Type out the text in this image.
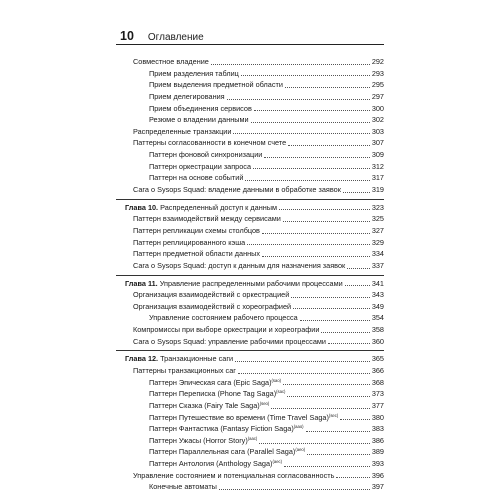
10 Оглавление
Совместное владение	292
Прием разделения таблиц	293
Прием выделения предметной области	295
Прием делегирования	297
Прием объединения сервисов	300
Резюме о владении данными	302
Распределенные транзакции	303
Паттерны согласованности в конечном счете	307
Паттерн фоновой синхронизации	309
Паттерн оркестрации запроса	312
Паттерн на основе событий	317
Сага о Sysops Squad: владение данными в обработке заявок	319
Глава 10. Распределенный доступ к данным	323
Паттерн взаимодействий между сервисами	325
Паттерн репликации схемы столбцов	327
Паттерн реплицированного кэша	329
Паттерн предметной области данных	334
Сага о Sysops Squad: доступ к данным для назначения заявок	337
Глава 11. Управление распределенными рабочими процессами	341
Организация взаимодействий с оркестрацией	343
Организация взаимодействий с хореографией	349
Управление состоянием рабочего процесса	354
Компромиссы при выборе оркестрации и хореографии	358
Сага о Sysops Squad: управление рабочими процессами	360
Глава 12. Транзакционные саги	365
Паттерны транзакционных саг	366
Паттерн Эпическая сага (Epic Saga)$^{(sao)}$	368
Паттерн Переписка (Phone Tag Saga)$^{(sac)}$	373
Паттерн Сказка (Fairy Tale Saga)$^{(seo)}$	377
Паттерн Путешествие во времени (Time Travel Saga)$^{(sec)}$	380
Паттерн Фантастика (Fantasy Fiction Saga)$^{(aao)}$	383
Паттерн Ужасы (Horror Story)$^{(aac)}$	386
Паттерн Параллельная сага (Parallel Saga)$^{(aeo)}$	389
Паттерн Антология (Anthology Saga)$^{(aec)}$	393
Управление состоянием и потенциальная согласованность	396
Конечные автоматы	397
